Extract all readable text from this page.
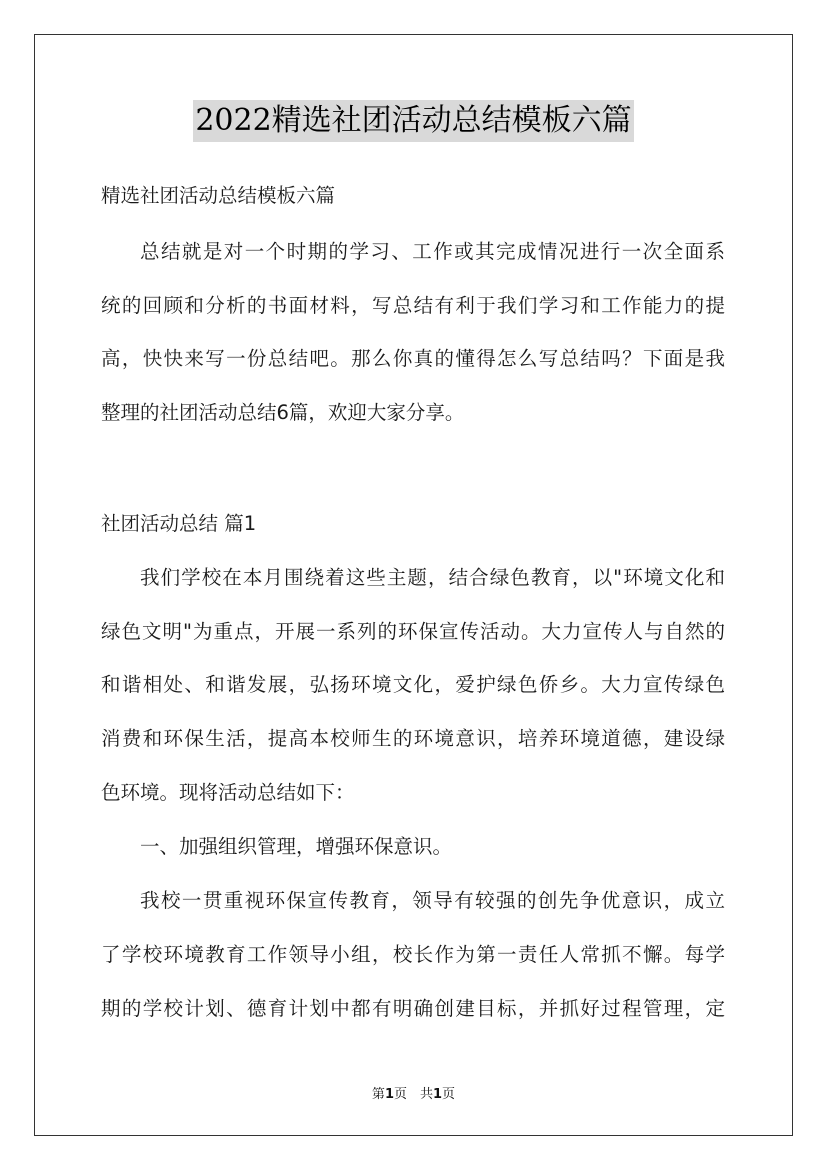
2022精选社团活动总结模板六篇
精选社团活动总结模板六篇
总结就是对一个时期的学习、工作或其完成情况进行一次全面系
统的回顾和分析的书面材料，写总结有利于我们学习和工作能力的提
高，快快来写一份总结吧。那么你真的懂得怎么写总结吗？下面是我
整理的社团活动总结6篇，欢迎大家分享。
社团活动总结 篇1
我们学校在本月围绕着这些主题，结合绿色教育，以"环境文化和
绿色文明"为重点，开展一系列的环保宣传活动。大力宣传人与自然的
和谐相处、和谐发展，弘扬环境文化，爱护绿色侨乡。大力宣传绿色
消费和环保生活，提高本校师生的环境意识，培养环境道德，建设绿
色环境。现将活动总结如下：
一、加强组织管理，增强环保意识。
我校一贯重视环保宣传教育，领导有较强的创先争优意识，成立
了学校环境教育工作领导小组，校长作为第一责任人常抓不懈。每学
期的学校计划、德育计划中都有明确创建目标，并抓好过程管理，定
第1页　共1页
